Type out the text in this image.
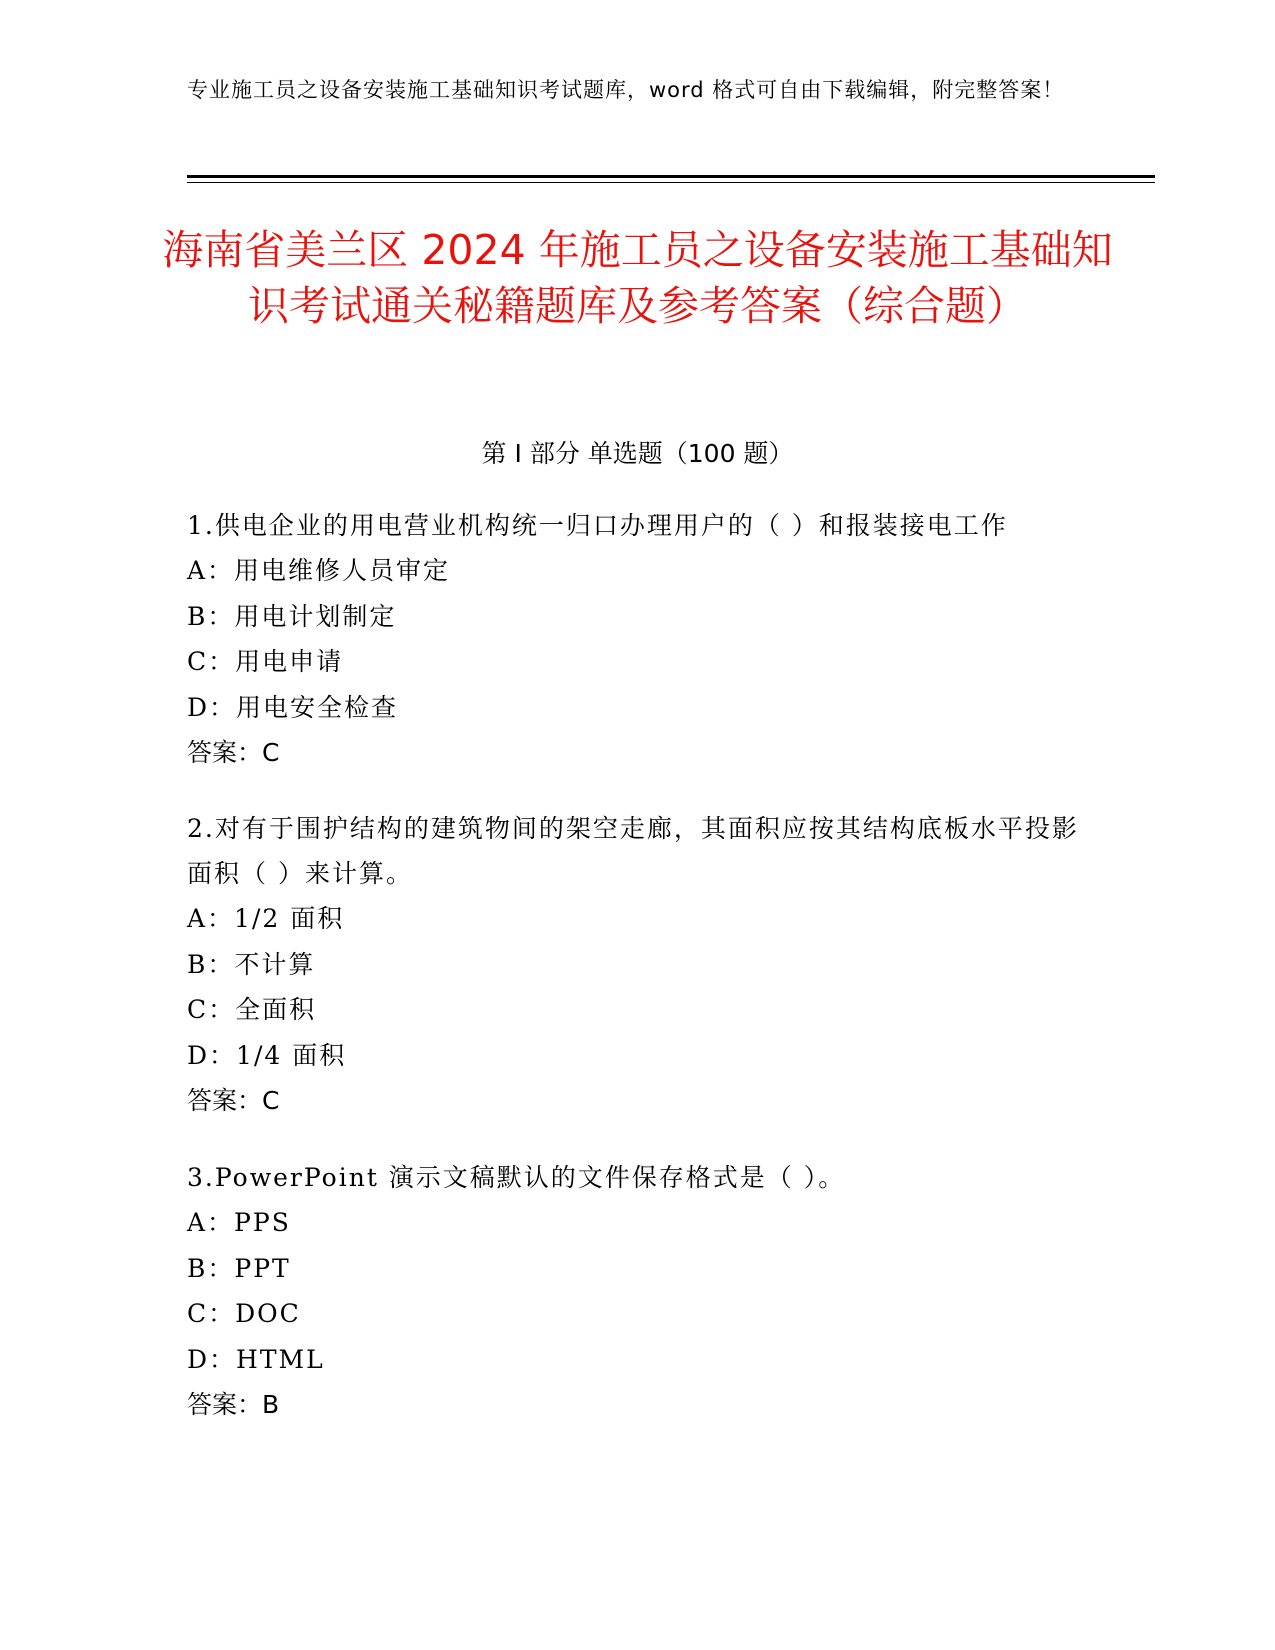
专业施工员之设备安装施工基础知识考试题库，word 格式可自由下载编辑，附完整答案！
海南省美兰区 2024 年施工员之设备安装施工基础知识考试通关秘籍题库及参考答案（综合题）
第 I 部分 单选题（100 题）

1.供电企业的用电营业机构统一归口办理用户的（ ）和报装接电工作

A：用电维修人员审定

B：用电计划制定

C：用电申请

D：用电安全检查

答案：C

2.对有于围护结构的建筑物间的架空走廊，其面积应按其结构底板水平投影面积（ ）来计算。

A：1/2 面积

B：不计算

C：全面积

D：1/4 面积

答案：C

3.PowerPoint 演示文稿默认的文件保存格式是（ ）。

A：PPS

B：PPT

C：DOC

D：HTML

答案：B
